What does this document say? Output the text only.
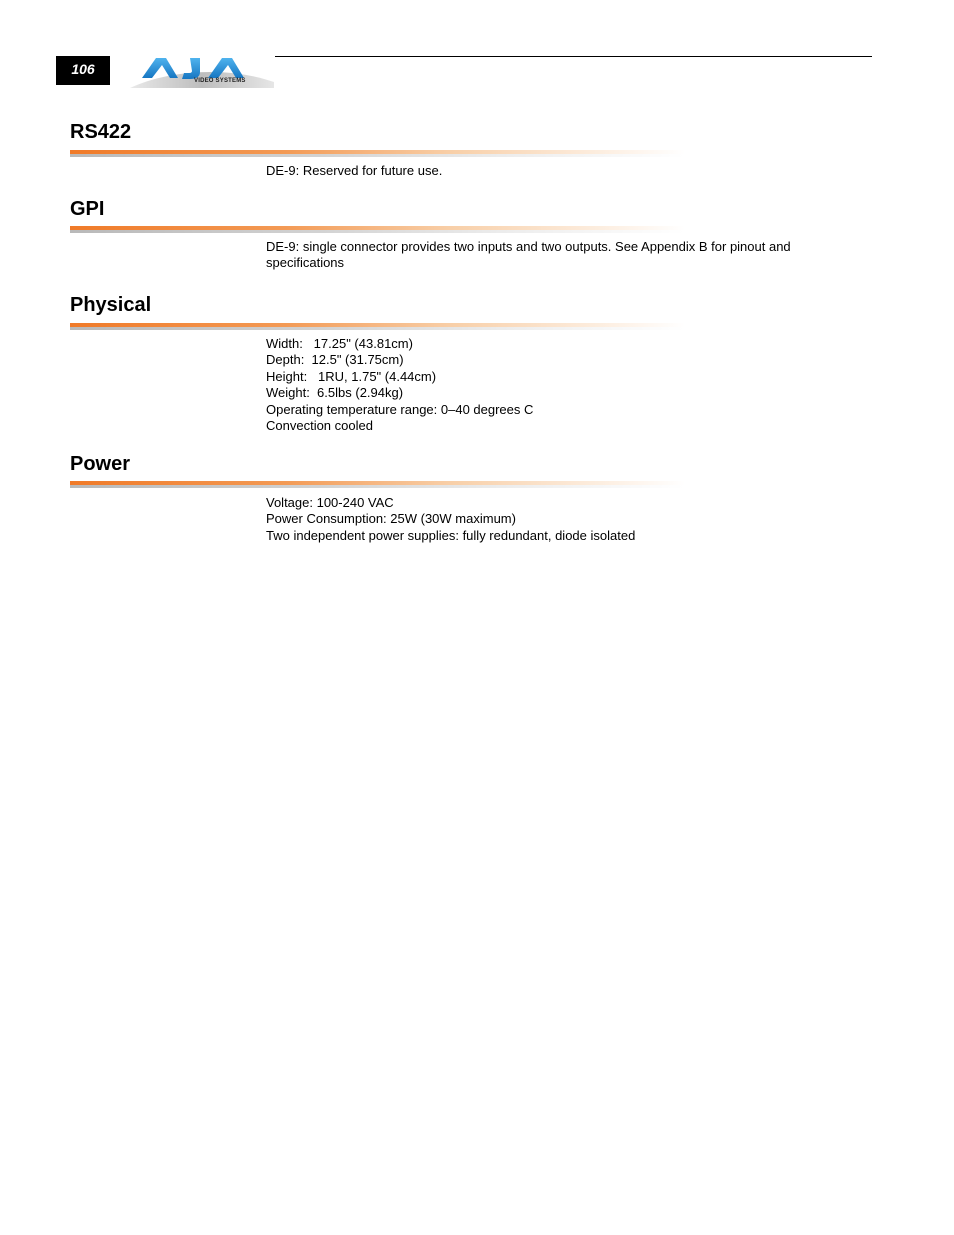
106
VIDEO SYSTEMS
RS422
DE-9: Reserved for future use.
GPI
DE-9: single connector provides two inputs and two outputs. See Appendix B for pinout and specifications
Physical
Width:   17.25" (43.81cm)
Depth:  12.5" (31.75cm)
Height:   1RU, 1.75" (4.44cm)
Weight:  6.5lbs (2.94kg)
Operating temperature range: 0–40 degrees C
Convection cooled
Power
Voltage: 100-240 VAC
Power Consumption: 25W (30W maximum)
Two independent power supplies: fully redundant, diode isolated
